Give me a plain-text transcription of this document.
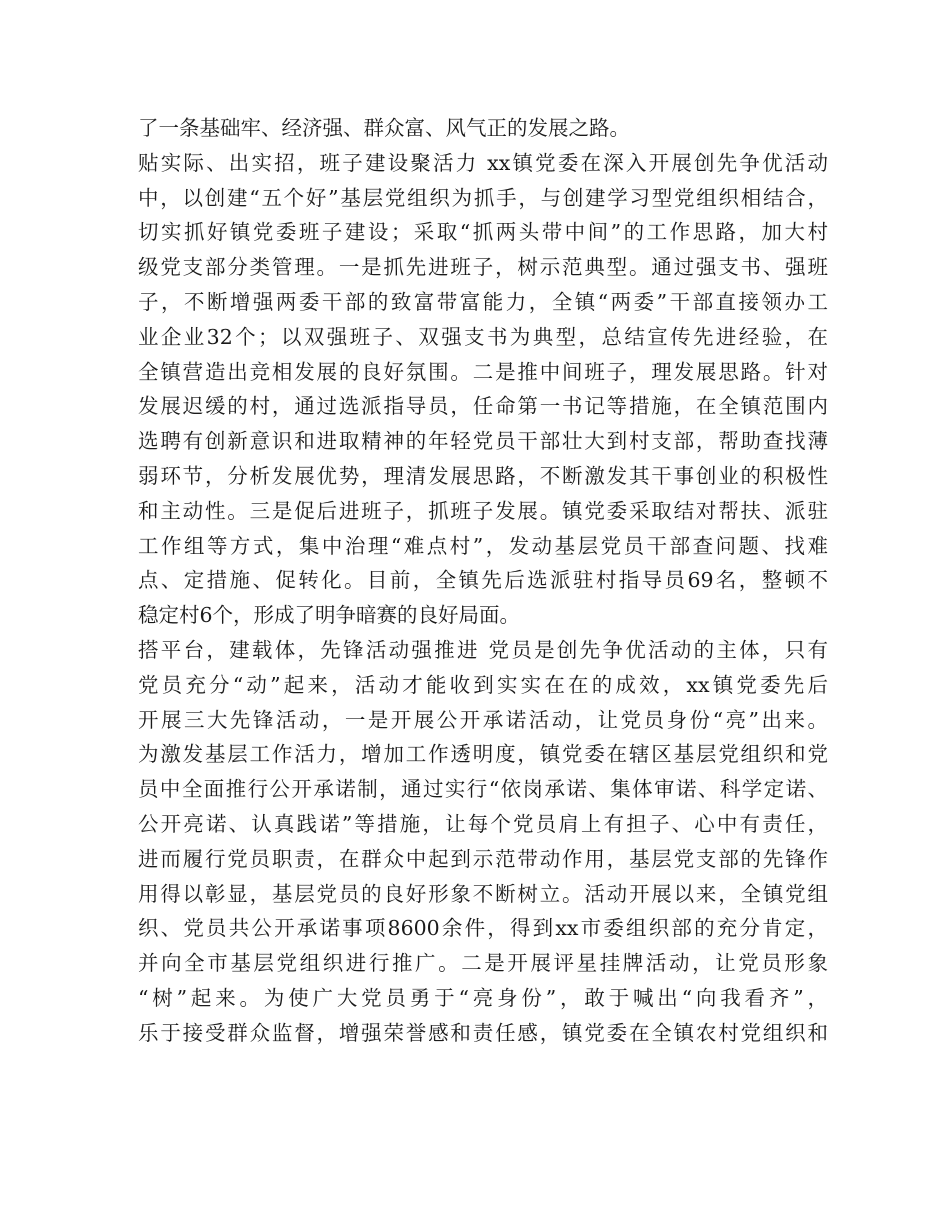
了一条基础牢、经济强、群众富、风气正的发展之路。
贴实际、出实招，班子建设聚活力 xx镇党委在深入开展创先争优活动
中，以创建“五个好”基层党组织为抓手，与创建学习型党组织相结合，
切实抓好镇党委班子建设；采取“抓两头带中间”的工作思路，加大村
级党支部分类管理。一是抓先进班子，树示范典型。通过强支书、强班
子，不断增强两委干部的致富带富能力，全镇“两委”干部直接领办工
业企业32个；以双强班子、双强支书为典型，总结宣传先进经验，在
全镇营造出竞相发展的良好氛围。二是推中间班子，理发展思路。针对
发展迟缓的村，通过选派指导员，任命第一书记等措施，在全镇范围内
选聘有创新意识和进取精神的年轻党员干部壮大到村支部，帮助查找薄
弱环节，分析发展优势，理清发展思路，不断激发其干事创业的积极性
和主动性。三是促后进班子，抓班子发展。镇党委采取结对帮扶、派驻
工作组等方式，集中治理“难点村”，发动基层党员干部查问题、找难
点、定措施、促转化。目前，全镇先后选派驻村指导员69名，整顿不
稳定村6个，形成了明争暗赛的良好局面。
搭平台，建载体，先锋活动强推进 党员是创先争优活动的主体，只有
党员充分“动”起来，活动才能收到实实在在的成效，xx镇党委先后
开展三大先锋活动，一是开展公开承诺活动，让党员身份“亮”出来。
为激发基层工作活力，增加工作透明度，镇党委在辖区基层党组织和党
员中全面推行公开承诺制，通过实行“依岗承诺、集体审诺、科学定诺、
公开亮诺、认真践诺”等措施，让每个党员肩上有担子、心中有责任，
进而履行党员职责，在群众中起到示范带动作用，基层党支部的先锋作
用得以彰显，基层党员的良好形象不断树立。活动开展以来，全镇党组
织、党员共公开承诺事项8600余件，得到xx市委组织部的充分肯定，
并向全市基层党组织进行推广。二是开展评星挂牌活动，让党员形象
“树”起来。为使广大党员勇于“亮身份”，敢于喊出“向我看齐”，
乐于接受群众监督，增强荣誉感和责任感，镇党委在全镇农村党组织和
